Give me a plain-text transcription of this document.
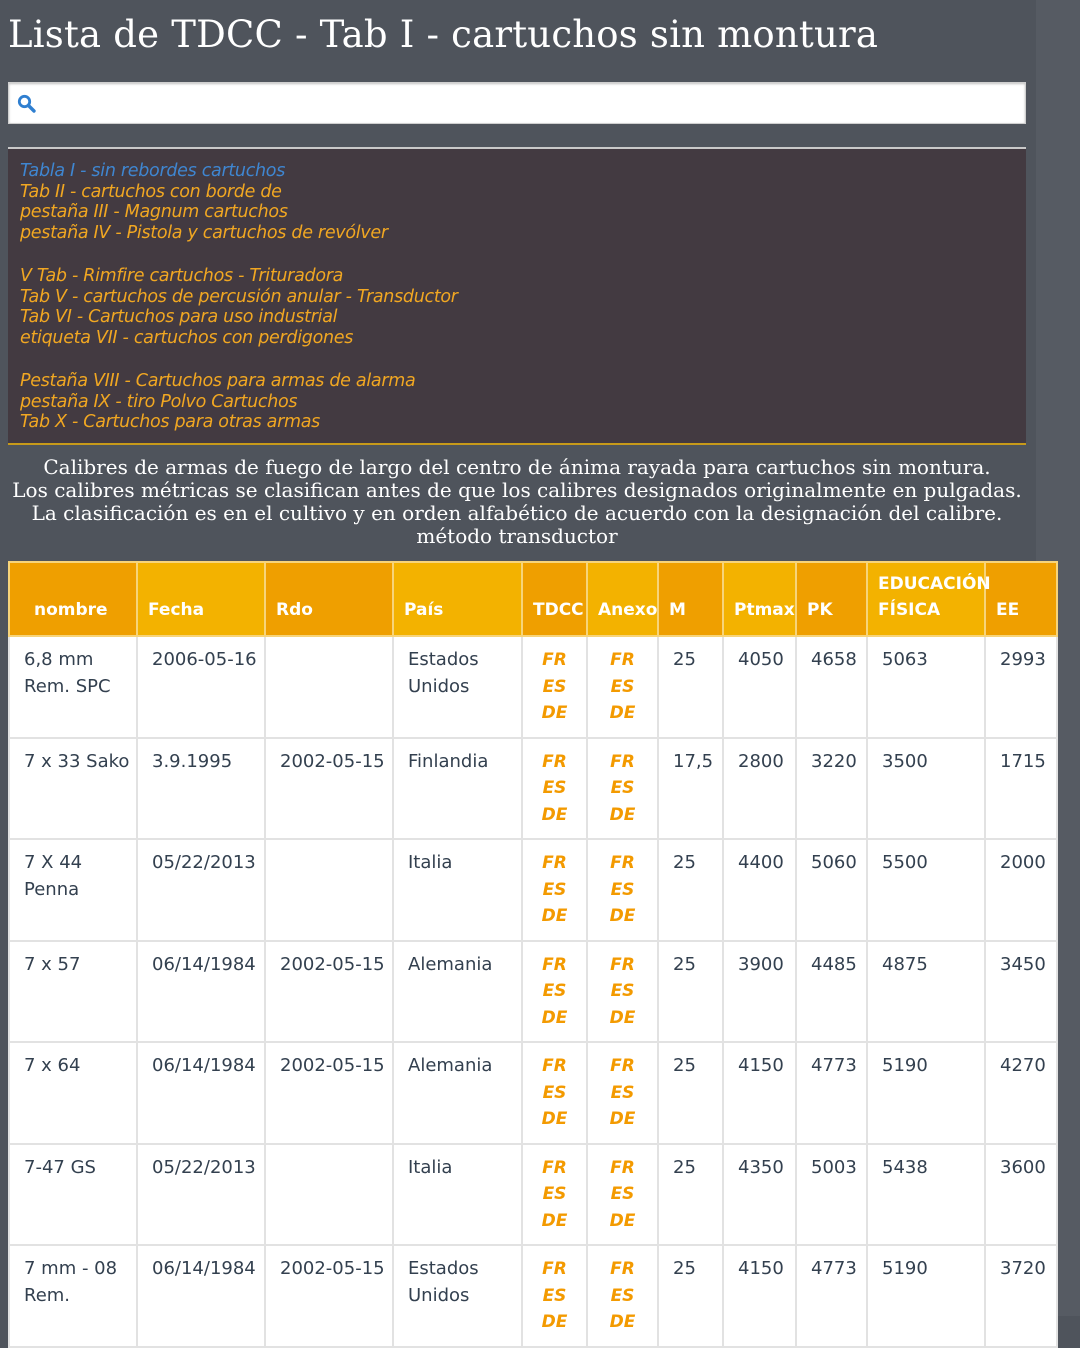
Lista de TDCC - Tab I - cartuchos sin montura
Tabla I - sin rebordes cartuchos
Tab II - cartuchos con borde de
pestaña III - Magnum cartuchos
pestaña IV - Pistola y cartuchos de revólver
V Tab - Rimfire cartuchos - Trituradora
Tab V - cartuchos de percusión anular - Transductor
Tab VI - Cartuchos para uso industrial
etiqueta VII - cartuchos con perdigones
Pestaña VIII - Cartuchos para armas de alarma
pestaña IX - tiro Polvo Cartuchos
Tab X - Cartuchos para otras armas
Calibres de armas de fuego de largo del centro de ánima rayada para cartuchos sin montura.
Los calibres métricas se clasifican antes de que los calibres designados originalmente en pulgadas.
La clasificación es en el cultivo y en orden alfabético de acuerdo con la designación del calibre.
método transductor
nombre	Fecha	Rdo	País	TDCC	Anexo	M	Ptmax	PK	EDUCACIÓN FÍSICA	EE
6,8 mm Rem. SPC	2006-05-16		Estados Unidos	FR
ES
DE	FR
ES
DE	25	4050	4658	5063	2993
7 x 33 Sako	3.9.1995	2002-05-15	Finlandia	FR
ES
DE	FR
ES
DE	17,5	2800	3220	3500	1715
7 X 44 Penna	05/22/2013		Italia	FR
ES
DE	FR
ES
DE	25	4400	5060	5500	2000
7 x 57	06/14/1984	2002-05-15	Alemania	FR
ES
DE	FR
ES
DE	25	3900	4485	4875	3450
7 x 64	06/14/1984	2002-05-15	Alemania	FR
ES
DE	FR
ES
DE	25	4150	4773	5190	4270
7-47 GS	05/22/2013		Italia	FR
ES
DE	FR
ES
DE	25	4350	5003	5438	3600
7 mm - 08 Rem.	06/14/1984	2002-05-15	Estados Unidos	FR
ES
DE	FR
ES
DE	25	4150	4773	5190	3720
